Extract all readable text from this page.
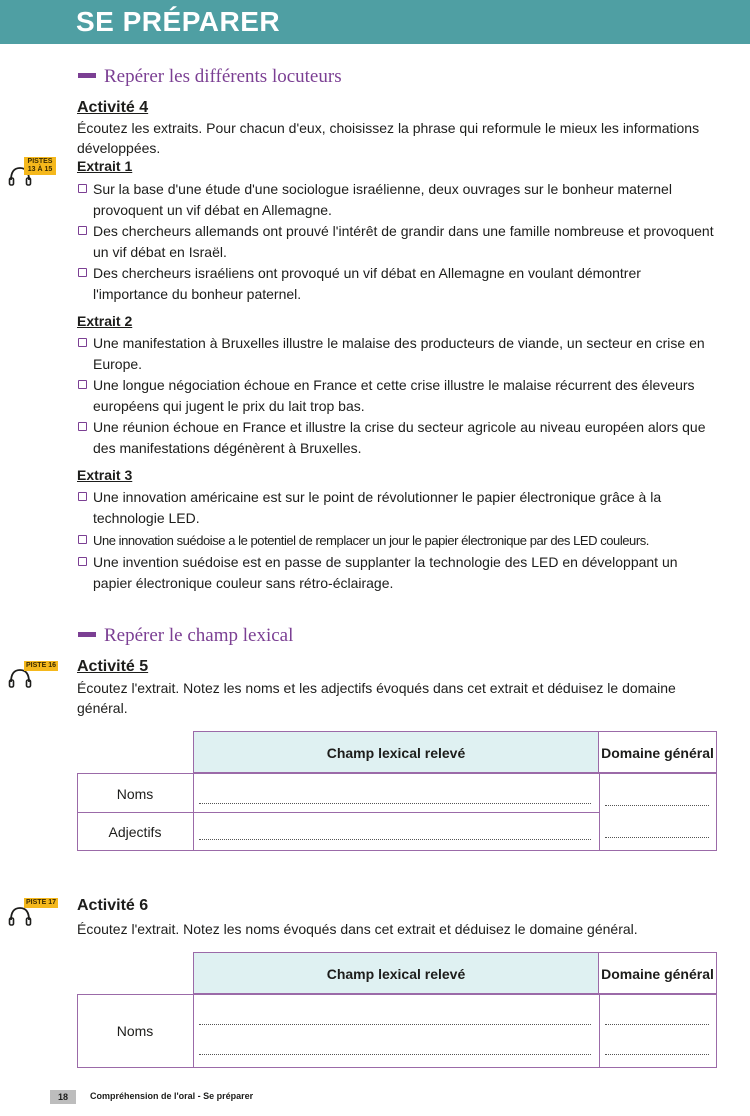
SE PRÉPARER
Repérer les différents locuteurs
Activité 4
Écoutez les extraits. Pour chacun d'eux, choisissez la phrase qui reformule le mieux les informations développées.
PISTES 13 À 15 Extrait 1
Sur la base d'une étude d'une sociologue israélienne, deux ouvrages sur le bonheur maternel provoquent un vif débat en Allemagne.
Des chercheurs allemands ont prouvé l'intérêt de grandir dans une famille nombreuse et provoquent un vif débat en Israël.
Des chercheurs israéliens ont provoqué un vif débat en Allemagne en voulant démontrer l'importance du bonheur paternel.
Extrait 2
Une manifestation à Bruxelles illustre le malaise des producteurs de viande, un secteur en crise en Europe.
Une longue négociation échoue en France et cette crise illustre le malaise récurrent des éleveurs européens qui jugent le prix du lait trop bas.
Une réunion échoue en France et illustre la crise du secteur agricole au niveau européen alors que des manifestations dégénèrent à Bruxelles.
Extrait 3
Une innovation américaine est sur le point de révolutionner le papier électronique grâce à la technologie LED.
Une innovation suédoise a le potentiel de remplacer un jour le papier électronique par des LED couleurs.
Une invention suédoise est en passe de supplanter la technologie des LED en développant un papier électronique couleur sans rétro-éclairage.
Repérer le champ lexical
PISTE 16 Activité 5
Écoutez l'extrait. Notez les noms et les adjectifs évoqués dans cet extrait et déduisez le domaine général.
Champ lexical relevé	Domaine général
Noms
Adjectifs
PISTE 17 Activité 6
Écoutez l'extrait. Notez les noms évoqués dans cet extrait et déduisez le domaine général.
Champ lexical relevé	Domaine général
Noms
18	Compréhension de l'oral - Se préparer
